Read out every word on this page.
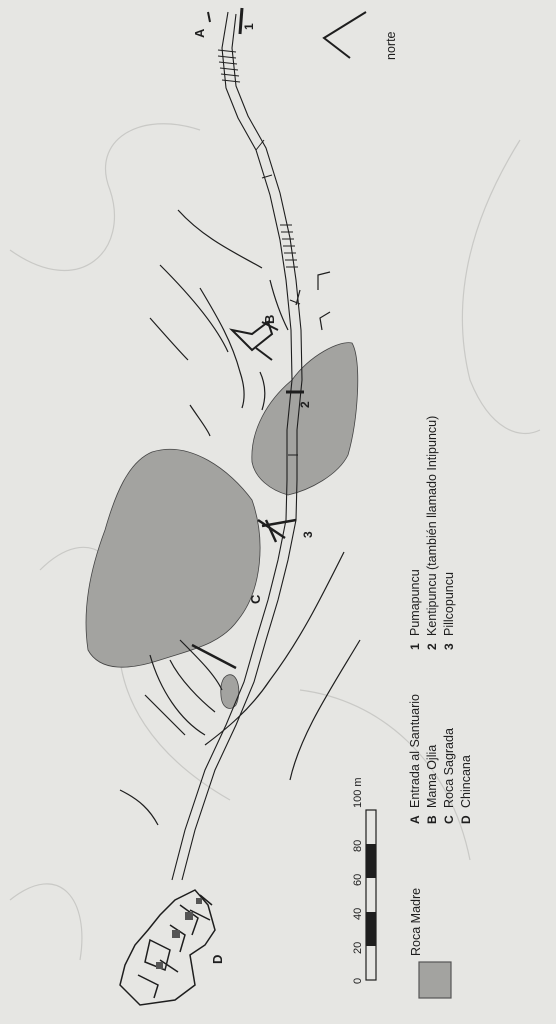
norte
A
1
B
2
3
C
D
A
Entrada al Santuario
B
Mama Ojlia
C
Roca Sagrada
D
Chincana
1
Pumapuncu
2
Kentipuncu (también llamado Intipuncu)
3
Pillcopuncu
0
20
40
60
80
100 m
Roca Madre
